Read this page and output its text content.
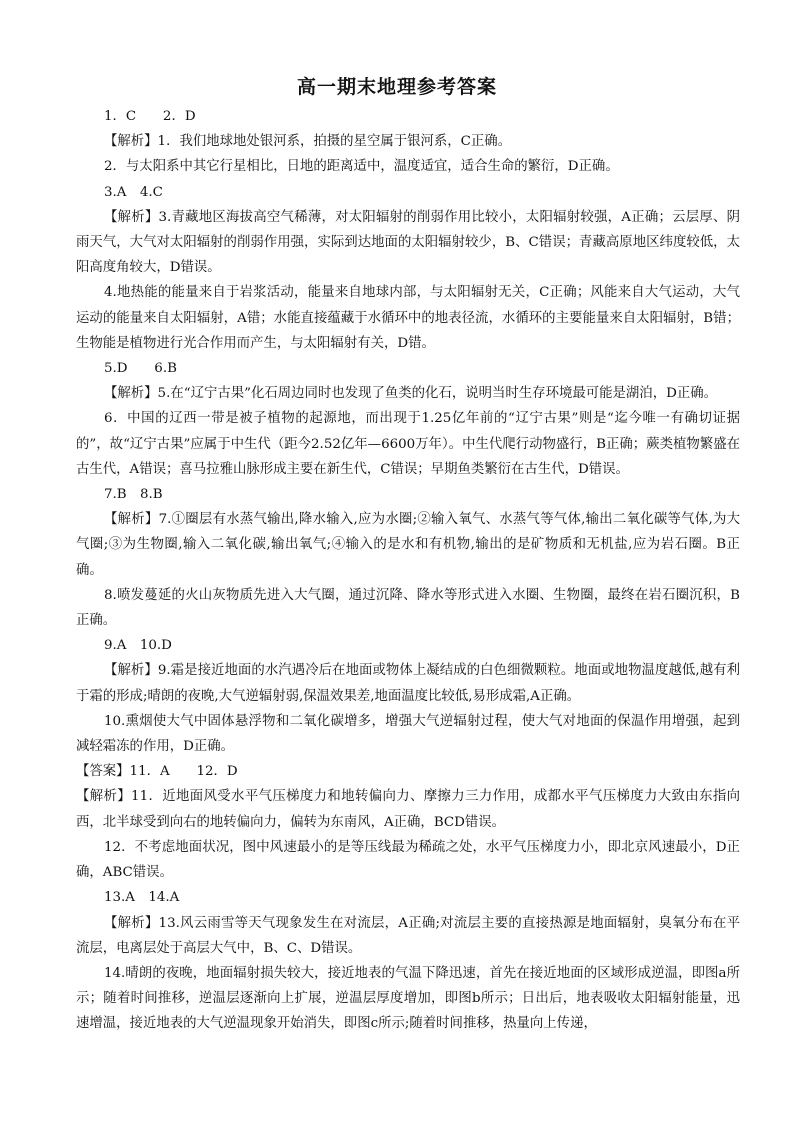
高一期末地理参考答案

1．C　　2．D

【解析】1．我们地球地处银河系，拍摄的星空属于银河系，C正确。

2．与太阳系中其它行星相比，日地的距离适中，温度适宜，适合生命的繁衍，D正确。

3.A　4.C

【解析】3.青藏地区海拔高空气稀薄，对太阳辐射的削弱作用比较小，太阳辐射较强，A正确；云层厚、阴雨天气，大气对太阳辐射的削弱作用强，实际到达地面的太阳辐射较少，B、C错误；青藏高原地区纬度较低，太阳高度角较大，D错误。

4.地热能的能量来自于岩浆活动，能量来自地球内部，与太阳辐射无关，C正确；风能来自大气运动，大气运动的能量来自太阳辐射，A错；水能直接蕴藏于水循环中的地表径流，水循环的主要能量来自太阳辐射，B错；生物能是植物进行光合作用而产生，与太阳辐射有关，D错。

5.D　　6.B

【解析】5.在“辽宁古果”化石周边同时也发现了鱼类的化石，说明当时生存环境最可能是湖泊，D正确。

6．中国的辽西一带是被子植物的起源地，而出现于1.25亿年前的“辽宁古果”则是“迄今唯一有确切证据的”，故“辽宁古果”应属于中生代（距今2.52亿年—6600万年）。中生代爬行动物盛行，B正确；蕨类植物繁盛在古生代，A错误；喜马拉雅山脉形成主要在新生代，C错误；早期鱼类繁衍在古生代，D错误。

7.B　8.B

【解析】7.①圈层有水蒸气输出,降水输入,应为水圈;②输入氧气、水蒸气等气体,输出二氧化碳等气体,为大气圈;③为生物圈,输入二氧化碳,输出氧气;④输入的是水和有机物,输出的是矿物质和无机盐,应为岩石圈。B正确。

8.喷发蔓延的火山灰物质先进入大气圈，通过沉降、降水等形式进入水圈、生物圈，最终在岩石圈沉积，B正确。

9.A　10.D

【解析】9.霜是接近地面的水汽遇冷后在地面或物体上凝结成的白色细微颗粒。地面或地物温度越低,越有利于霜的形成;晴朗的夜晚,大气逆辐射弱,保温效果差,地面温度比较低,易形成霜,A正确。

10.熏烟使大气中固体悬浮物和二氧化碳增多，增强大气逆辐射过程，使大气对地面的保温作用增强，起到减轻霜冻的作用，D正确。

【答案】11．A　　12．D

【解析】11．近地面风受水平气压梯度力和地转偏向力、摩擦力三力作用，成都水平气压梯度力大致由东指向西，北半球受到向右的地转偏向力，偏转为东南风，A正确，BCD错误。

12．不考虑地面状况，图中风速最小的是等压线最为稀疏之处，水平气压梯度力小，即北京风速最小，D正确，ABC错误。

13.A　14.A

【解析】13.风云雨雪等天气现象发生在对流层，A正确;对流层主要的直接热源是地面辐射，臭氧分布在平流层，电离层处于高层大气中，B、C、D错误。

14.晴朗的夜晚，地面辐射损失较大，接近地表的气温下降迅速，首先在接近地面的区域形成逆温，即图a所示；随着时间推移，逆温层逐渐向上扩展，逆温层厚度增加，即图b所示；日出后，地表吸收太阳辐射能量，迅速增温，接近地表的大气逆温现象开始消失，即图c所示;随着时间推移，热量向上传递，
